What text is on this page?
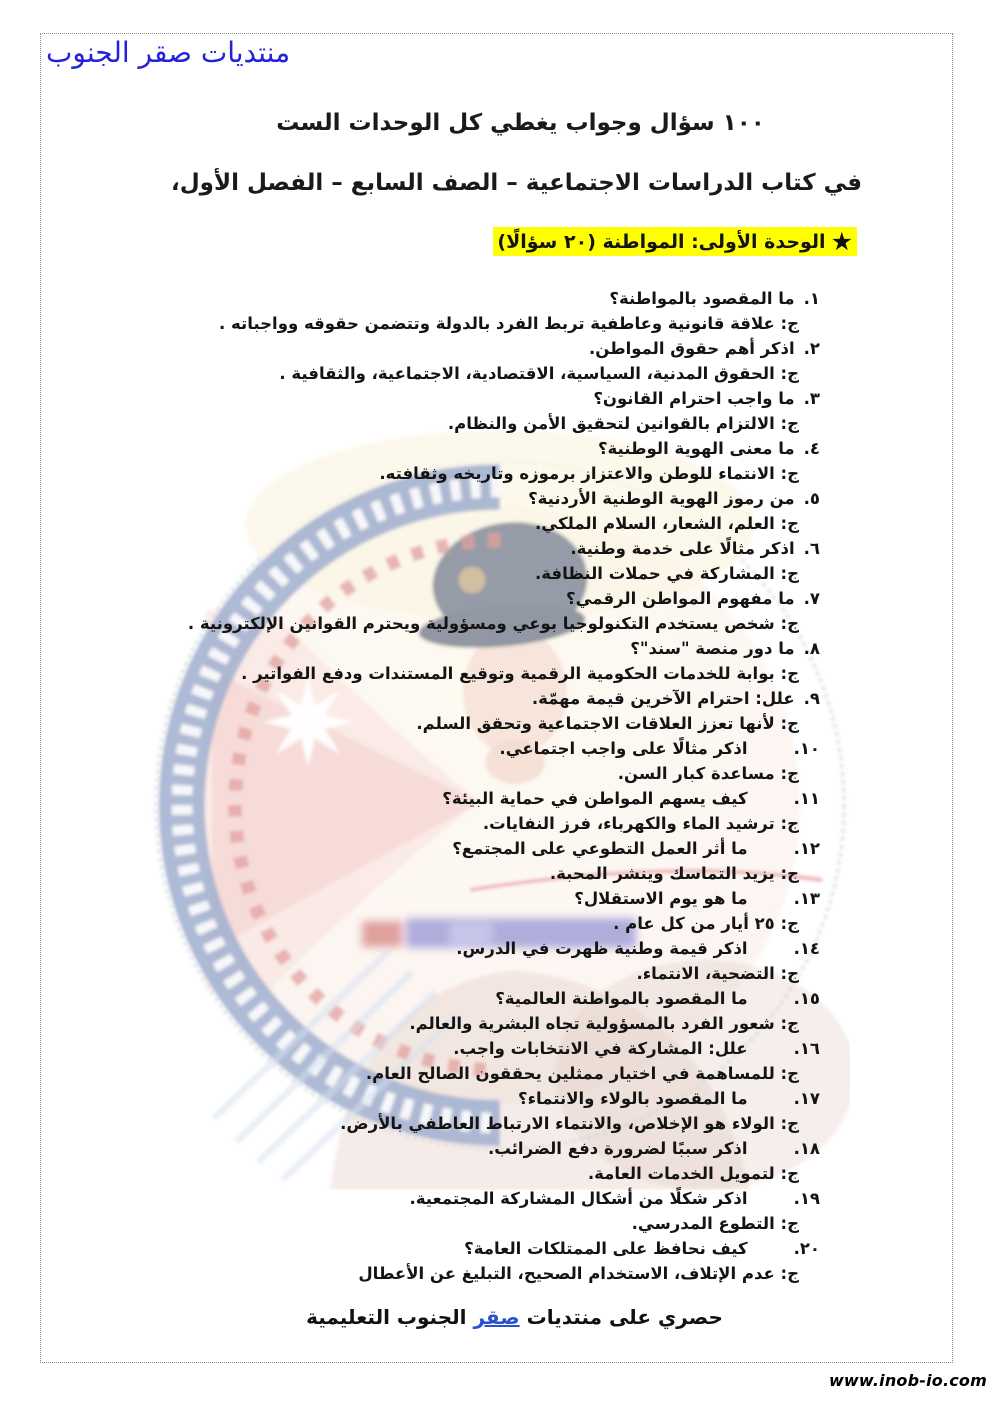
منتديات صقر الجنوب
١٠٠ سؤال وجواب يغطي كل الوحدات الست
في كتاب الدراسات الاجتماعية – الصف السابع – الفصل الأول،
★
الوحدة الأولى: المواطنة (٢٠ سؤالًا)
١.ما المقصود بالمواطنة؟
ج: علاقة قانونية وعاطفية تربط الفرد بالدولة وتتضمن حقوقه وواجباته .
٢.اذكر أهم حقوق المواطن.
ج: الحقوق المدنية، السياسية، الاقتصادية، الاجتماعية، والثقافية .
٣.ما واجب احترام القانون؟
ج: الالتزام بالقوانين لتحقيق الأمن والنظام.
٤.ما معنى الهوية الوطنية؟
ج: الانتماء للوطن والاعتزاز برموزه وتاريخه وثقافته.
٥.من رموز الهوية الوطنية الأردنية؟
ج: العلم، الشعار، السلام الملكي.
٦.اذكر مثالًا على خدمة وطنية.
ج: المشاركة في حملات النظافة.
٧.ما مفهوم المواطن الرقمي؟
ج: شخص يستخدم التكنولوجيا بوعي ومسؤولية ويحترم القوانين الإلكترونية .
٨.ما دور منصة "سند"؟
ج: بوابة للخدمات الحكومية الرقمية وتوقيع المستندات ودفع الفواتير .
٩.علل: احترام الآخرين قيمة مهمّة.
ج: لأنها تعزز العلاقات الاجتماعية وتحقق السلم.
١٠.اذكر مثالًا على واجب اجتماعي.
ج: مساعدة كبار السن.
١١.كيف يسهم المواطن في حماية البيئة؟
ج: ترشيد الماء والكهرباء، فرز النفايات.
١٢.ما أثر العمل التطوعي على المجتمع؟
ج: يزيد التماسك وينشر المحبة.
١٣.ما هو يوم الاستقلال؟
ج: ٢٥ أيار من كل عام .
١٤.اذكر قيمة وطنية ظهرت في الدرس.
ج: التضحية، الانتماء.
١٥.ما المقصود بالمواطنة العالمية؟
ج: شعور الفرد بالمسؤولية تجاه البشرية والعالم.
١٦.علل: المشاركة في الانتخابات واجب.
ج: للمساهمة في اختيار ممثلين يحققون الصالح العام.
١٧.ما المقصود بالولاء والانتماء؟
ج: الولاء هو الإخلاص، والانتماء الارتباط العاطفي بالأرض.
١٨.اذكر سببًا لضرورة دفع الضرائب.
ج: لتمويل الخدمات العامة.
١٩.اذكر شكلًا من أشكال المشاركة المجتمعية.
ج: التطوع المدرسي.
٢٠.كيف نحافظ على الممتلكات العامة؟
ج: عدم الإتلاف، الاستخدام الصحيح، التبليغ عن الأعطال
حصري على منتديات صقر الجنوب التعليمية
www.inob-io.com
